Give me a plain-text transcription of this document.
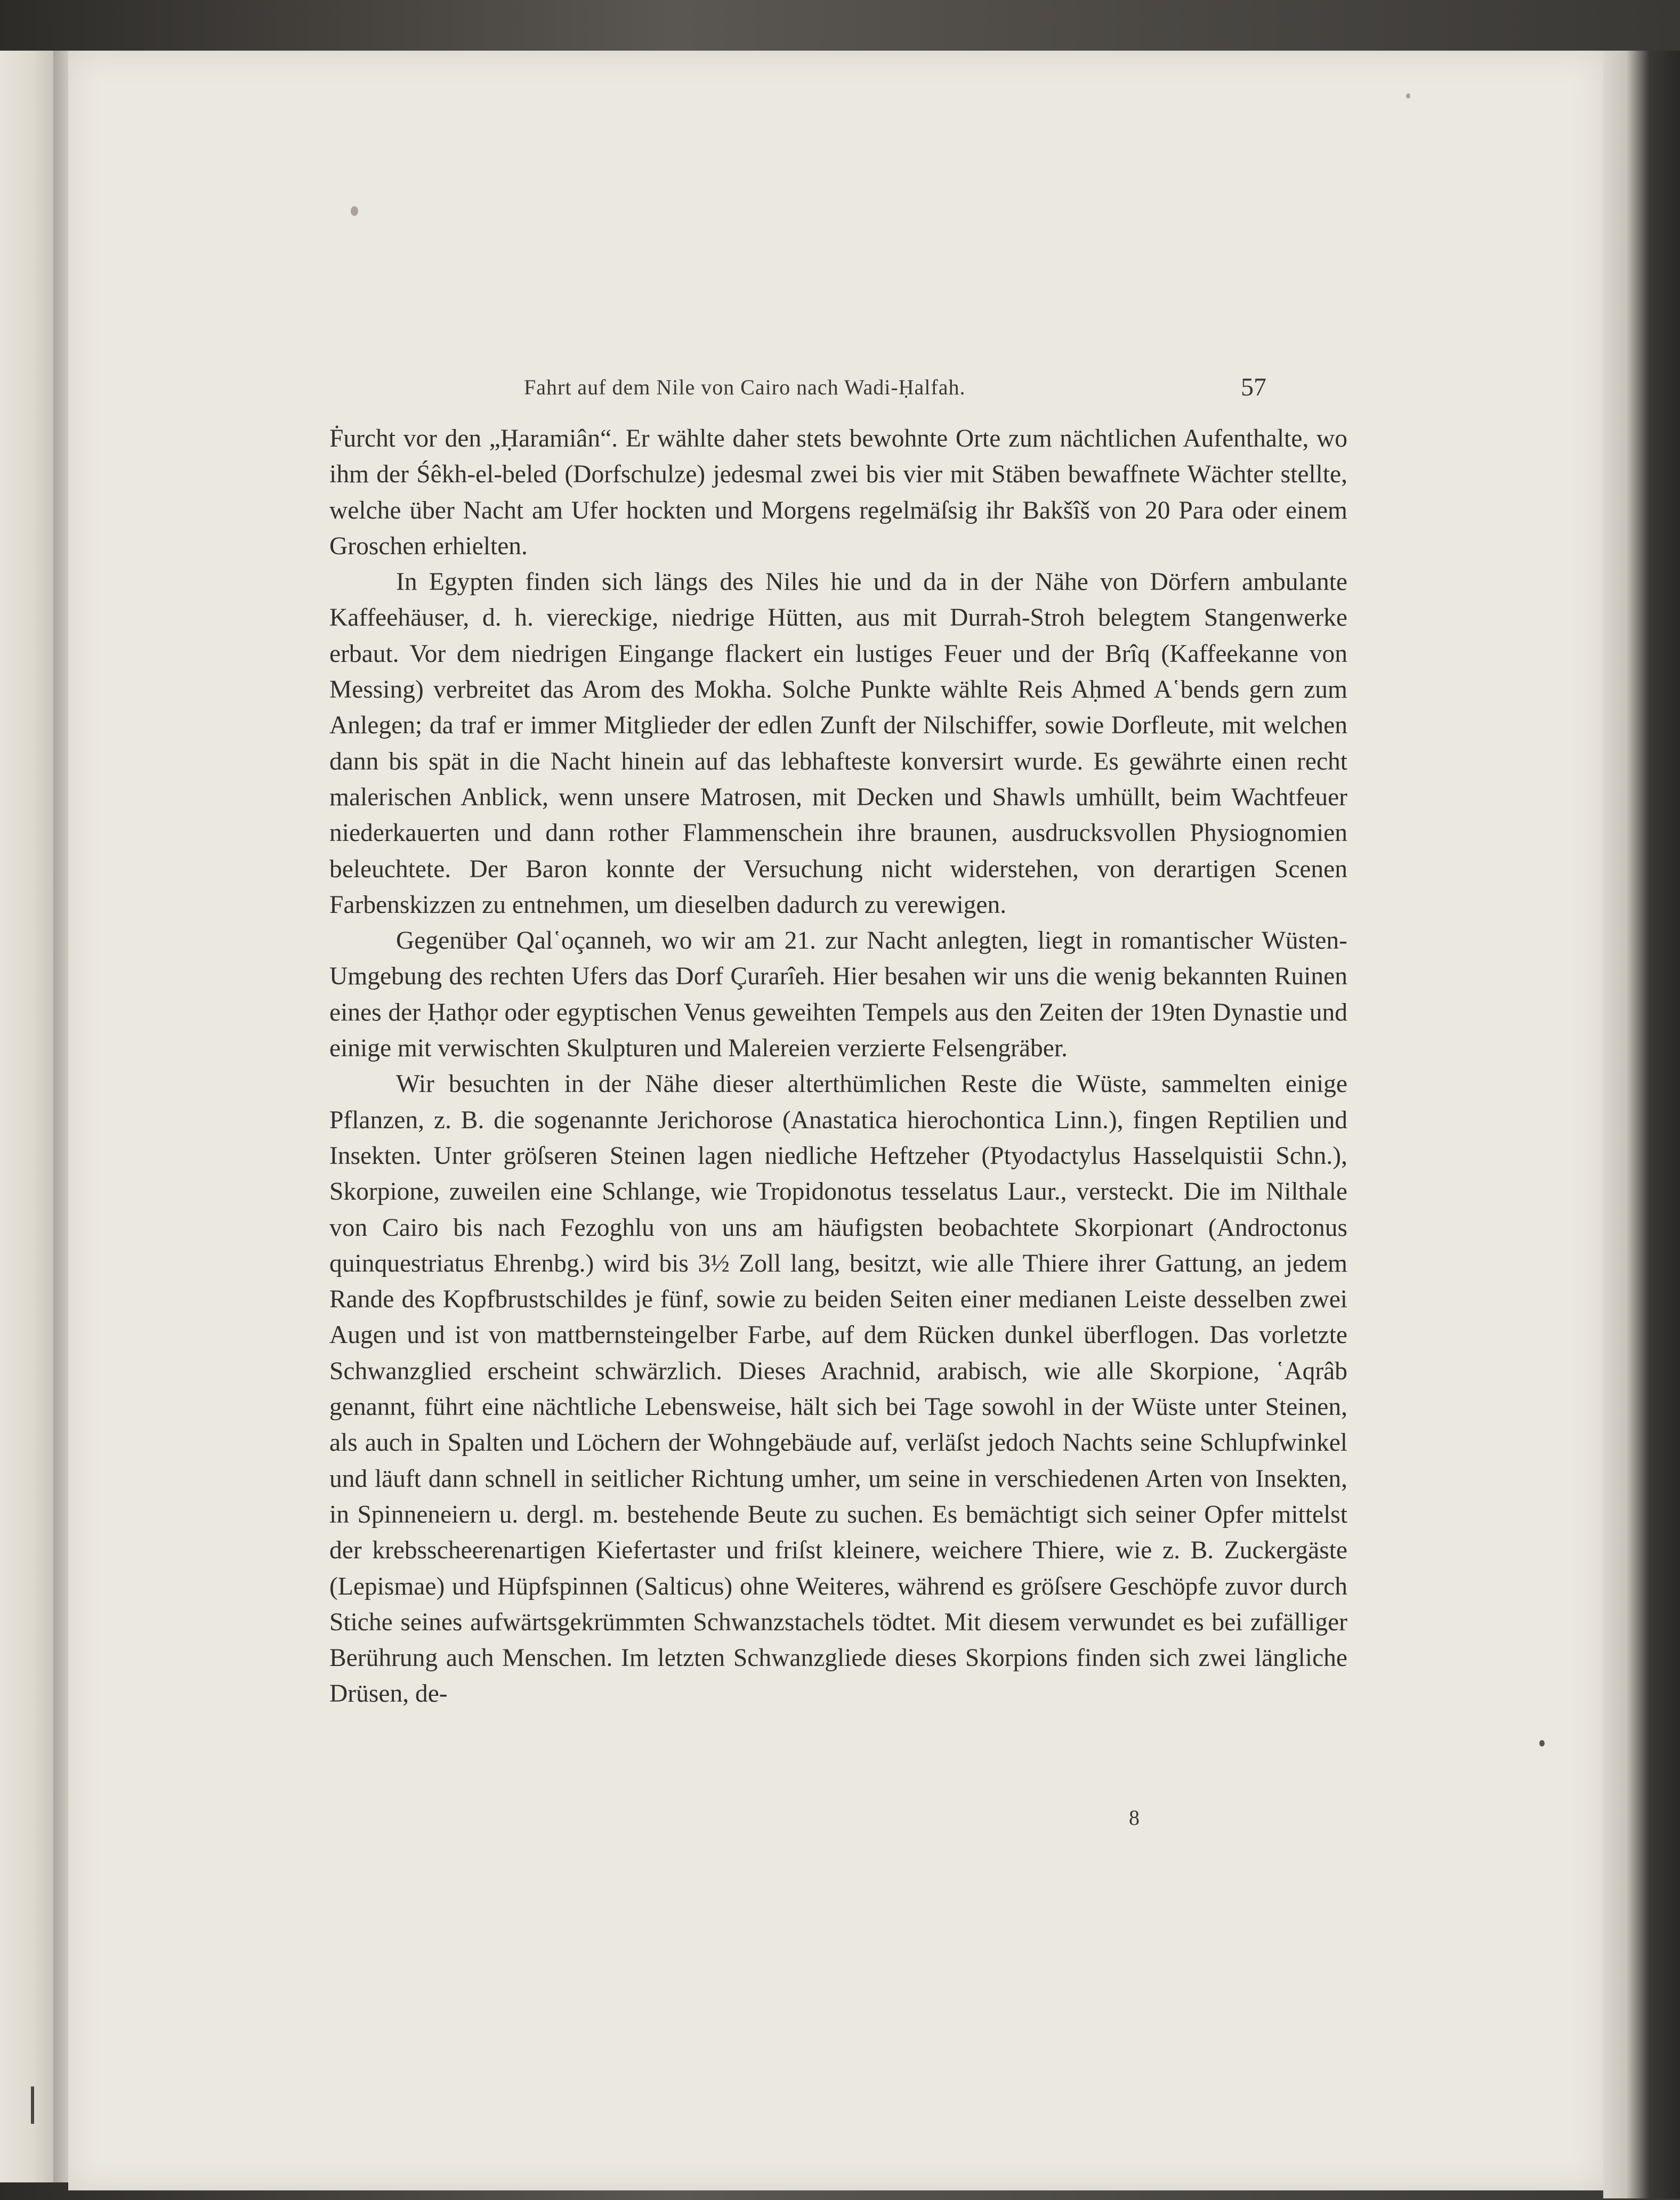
Fahrt auf dem Nile von Cairo nach Wadi-Ḥalfah.	57

Ḟurcht vor den „Ḥaramiân“. Er wählte daher stets bewohnte Orte zum nächtlichen Aufenthalte, wo ihm der Śêkh-el-beled (Dorfschulze) jedesmal zwei bis vier mit Stäben bewaffnete Wächter stellte, welche über Nacht am Ufer hockten und Morgens regelmäſsig ihr Bakšîš von 20 Para oder einem Groschen erhielten.

In Egypten finden sich längs des Niles hie und da in der Nähe von Dörfern ambulante Kaffeehäuser, d. h. viereckige, niedrige Hütten, aus mit Durrah-Stroh belegtem Stangenwerke erbaut. Vor dem niedrigen Eingange flackert ein lustiges Feuer und der Brîq (Kaffeekanne von Messing) verbreitet das Arom des Mokha. Solche Punkte wählte Reis Aḥmed A῾bends gern zum Anlegen; da traf er immer Mitglieder der edlen Zunft der Nilschiffer, sowie Dorfleute, mit welchen dann bis spät in die Nacht hinein auf das lebhafteste konversirt wurde. Es gewährte einen recht malerischen Anblick, wenn unsere Matrosen, mit Decken und Shawls umhüllt, beim Wachtfeuer niederkauerten und dann rother Flammenschein ihre braunen, ausdrucksvollen Physiognomien beleuchtete. Der Baron konnte der Versuchung nicht widerstehen, von derartigen Scenen Farbenskizzen zu entnehmen, um dieselben dadurch zu verewigen.

Gegenüber Qal῾oçanneh, wo wir am 21. zur Nacht anlegten, liegt in romantischer Wüsten-Umgebung des rechten Ufers das Dorf Çurarîeh. Hier besahen wir uns die wenig bekannten Ruinen eines der Ḥathọr oder egyptischen Venus geweihten Tempels aus den Zeiten der 19ten Dynastie und einige mit verwischten Skulpturen und Malereien verzierte Felsengräber.

Wir besuchten in der Nähe dieser alterthümlichen Reste die Wüste, sammelten einige Pflanzen, z. B. die sogenannte Jerichorose (Anastatica hierochontica Linn.), fingen Reptilien und Insekten. Unter gröſseren Steinen lagen niedliche Heftzeher (Ptyodactylus Hasselquistii Schn.), Skorpione, zuweilen eine Schlange, wie Tropidonotus tesselatus Laur., versteckt. Die im Nilthale von Cairo bis nach Fezoghlu von uns am häufigsten beobachtete Skorpionart (Androctonus quinquestriatus Ehrenbg.) wird bis 3½ Zoll lang, besitzt, wie alle Thiere ihrer Gattung, an jedem Rande des Kopfbrustschildes je fünf, sowie zu beiden Seiten einer medianen Leiste desselben zwei Augen und ist von mattbernsteingelber Farbe, auf dem Rücken dunkel überflogen. Das vorletzte Schwanzglied erscheint schwärzlich. Dieses Arachnid, arabisch, wie alle Skorpione, ῾Aqrâb genannt, führt eine nächtliche Lebensweise, hält sich bei Tage sowohl in der Wüste unter Steinen, als auch in Spalten und Löchern der Wohngebäude auf, verläſst jedoch Nachts seine Schlupfwinkel und läuft dann schnell in seitlicher Richtung umher, um seine in verschiedenen Arten von Insekten, in Spinneneiern u. dergl. m. bestehende Beute zu suchen. Es bemächtigt sich seiner Opfer mittelst der krebsscheerenartigen Kiefertaster und friſst kleinere, weichere Thiere, wie z. B. Zuckergäste (Lepismae) und Hüpfspinnen (Salticus) ohne Weiteres, während es gröſsere Geschöpfe zuvor durch Stiche seines aufwärtsgekrümmten Schwanzstachels tödtet. Mit diesem verwundet es bei zufälliger Berührung auch Menschen. Im letzten Schwanzgliede dieses Skorpions finden sich zwei längliche Drüsen, de-

8
